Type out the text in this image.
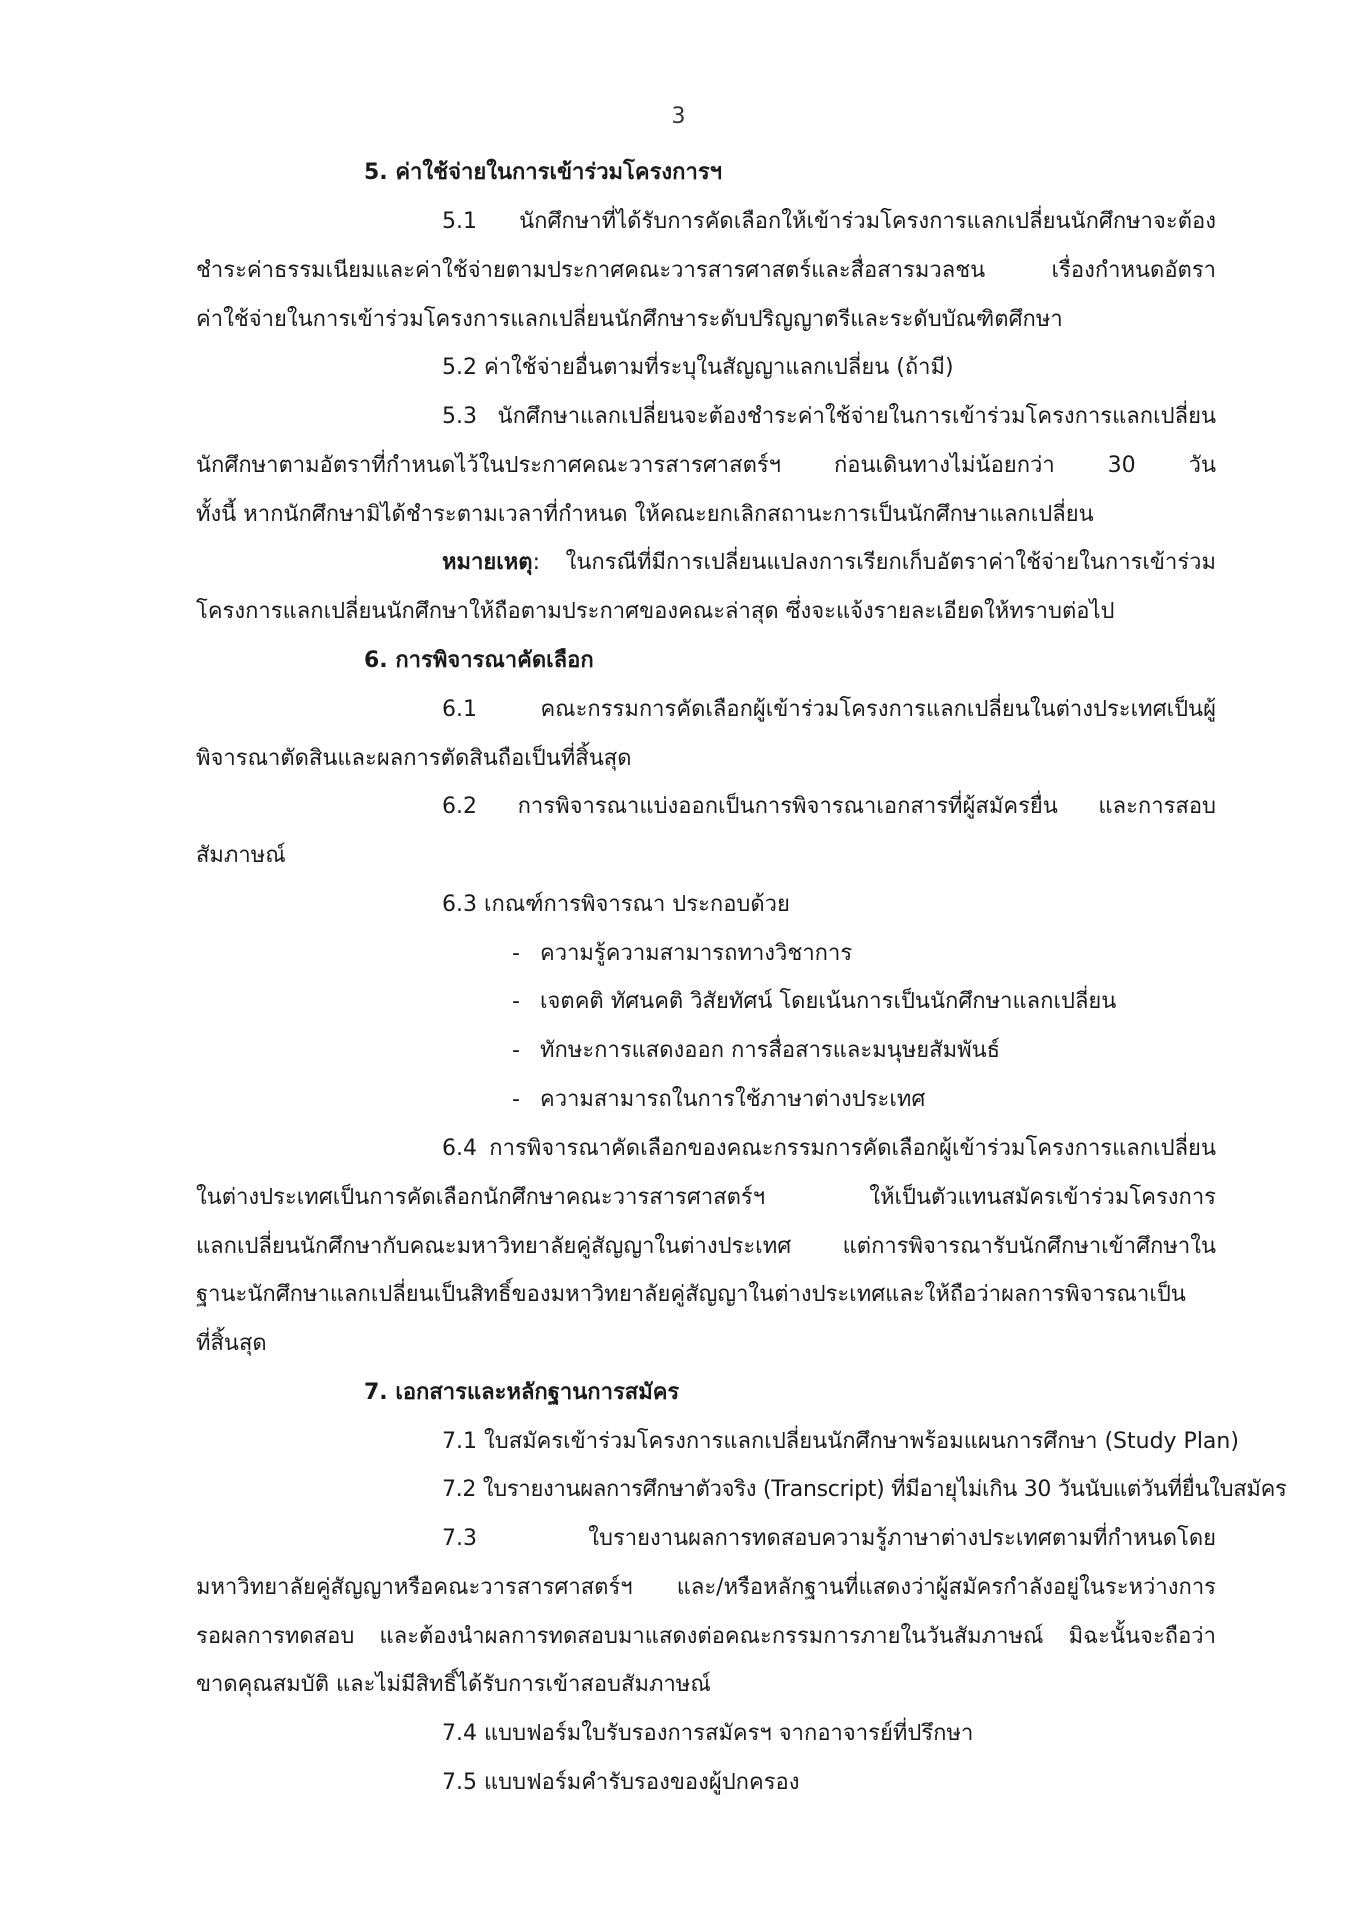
3
5. ค่าใช้จ่ายในการเข้าร่วมโครงการฯ
5.1 นักศึกษาที่ได้รับการคัดเลือกให้เข้าร่วมโครงการแลกเปลี่ยนนักศึกษาจะต้อง
ชำระค่าธรรมเนียมและค่าใช้จ่ายตามประกาศคณะวารสารศาสตร์และสื่อสารมวลชน เรื่องกำหนดอัตรา
ค่าใช้จ่ายในการเข้าร่วมโครงการแลกเปลี่ยนนักศึกษาระดับปริญญาตรีและระดับบัณฑิตศึกษา
5.2 ค่าใช้จ่ายอื่นตามที่ระบุในสัญญาแลกเปลี่ยน (ถ้ามี)
5.3 นักศึกษาแลกเปลี่ยนจะต้องชำระค่าใช้จ่ายในการเข้าร่วมโครงการแลกเปลี่ยน
นักศึกษาตามอัตราที่กำหนดไว้ในประกาศคณะวารสารศาสตร์ฯ ก่อนเดินทางไม่น้อยกว่า 30 วัน
ทั้งนี้ หากนักศึกษามิได้ชำระตามเวลาที่กำหนด ให้คณะยกเลิกสถานะการเป็นนักศึกษาแลกเปลี่ยน
หมายเหตุ: ในกรณีที่มีการเปลี่ยนแปลงการเรียกเก็บอัตราค่าใช้จ่ายในการเข้าร่วม
โครงการแลกเปลี่ยนนักศึกษาให้ถือตามประกาศของคณะล่าสุด ซึ่งจะแจ้งรายละเอียดให้ทราบต่อไป
6. การพิจารณาคัดเลือก
6.1 คณะกรรมการคัดเลือกผู้เข้าร่วมโครงการแลกเปลี่ยนในต่างประเทศเป็นผู้
พิจารณาตัดสินและผลการตัดสินถือเป็นที่สิ้นสุด
6.2 การพิจารณาแบ่งออกเป็นการพิจารณาเอกสารที่ผู้สมัครยื่น และการสอบ
สัมภาษณ์
6.3 เกณฑ์การพิจารณา ประกอบด้วย
- ความรู้ความสามารถทางวิชาการ
- เจตคติ ทัศนคติ วิสัยทัศน์ โดยเน้นการเป็นนักศึกษาแลกเปลี่ยน
- ทักษะการแสดงออก การสื่อสารและมนุษยสัมพันธ์
- ความสามารถในการใช้ภาษาต่างประเทศ
6.4 การพิจารณาคัดเลือกของคณะกรรมการคัดเลือกผู้เข้าร่วมโครงการแลกเปลี่ยน
ในต่างประเทศเป็นการคัดเลือกนักศึกษาคณะวารสารศาสตร์ฯ ให้เป็นตัวแทนสมัครเข้าร่วมโครงการ
แลกเปลี่ยนนักศึกษากับคณะมหาวิทยาลัยคู่สัญญาในต่างประเทศ แต่การพิจารณารับนักศึกษาเข้าศึกษาใน
ฐานะนักศึกษาแลกเปลี่ยนเป็นสิทธิ์ของมหาวิทยาลัยคู่สัญญาในต่างประเทศและให้ถือว่าผลการพิจารณาเป็น
ที่สิ้นสุด
7. เอกสารและหลักฐานการสมัคร
7.1 ใบสมัครเข้าร่วมโครงการแลกเปลี่ยนนักศึกษาพร้อมแผนการศึกษา (Study Plan)
7.2 ใบรายงานผลการศึกษาตัวจริง (Transcript) ที่มีอายุไม่เกิน 30 วันนับแต่วันที่ยื่นใบสมัคร
7.3 ใบรายงานผลการทดสอบความรู้ภาษาต่างประเทศตามที่กำหนดโดย
มหาวิทยาลัยคู่สัญญาหรือคณะวารสารศาสตร์ฯ และ/หรือหลักฐานที่แสดงว่าผู้สมัครกำลังอยู่ในระหว่างการ
รอผลการทดสอบ และต้องนำผลการทดสอบมาแสดงต่อคณะกรรมการภายในวันสัมภาษณ์ มิฉะนั้นจะถือว่า
ขาดคุณสมบัติ และไม่มีสิทธิ์ได้รับการเข้าสอบสัมภาษณ์
7.4 แบบฟอร์มใบรับรองการสมัครฯ จากอาจารย์ที่ปรึกษา
7.5 แบบฟอร์มคำรับรองของผู้ปกครอง
